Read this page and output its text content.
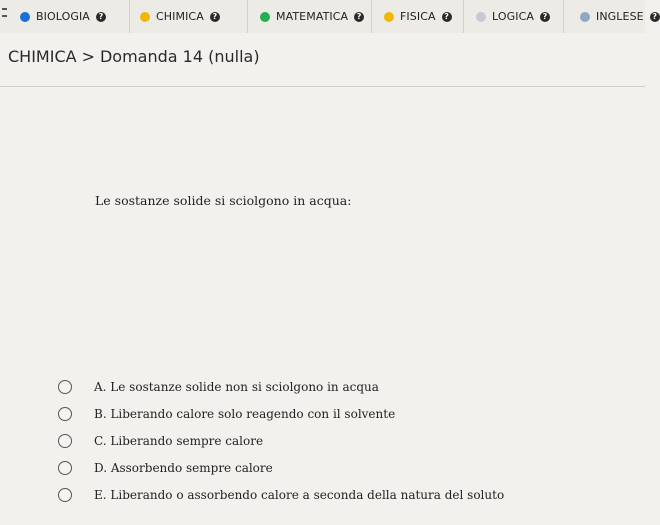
BIOLOGIA	?	CHIMICA	?	MATEMATICA	?	FISICA	?	LOGICA	?	INGLESE	?
CHIMICA > Domanda 14 (nulla)
Le sostanze solide si sciolgono in acqua:
A. Le sostanze solide non si sciolgono in acqua
B. Liberando calore solo reagendo con il solvente
C. Liberando sempre calore
D. Assorbendo sempre calore
E. Liberando o assorbendo calore a seconda della natura del soluto
